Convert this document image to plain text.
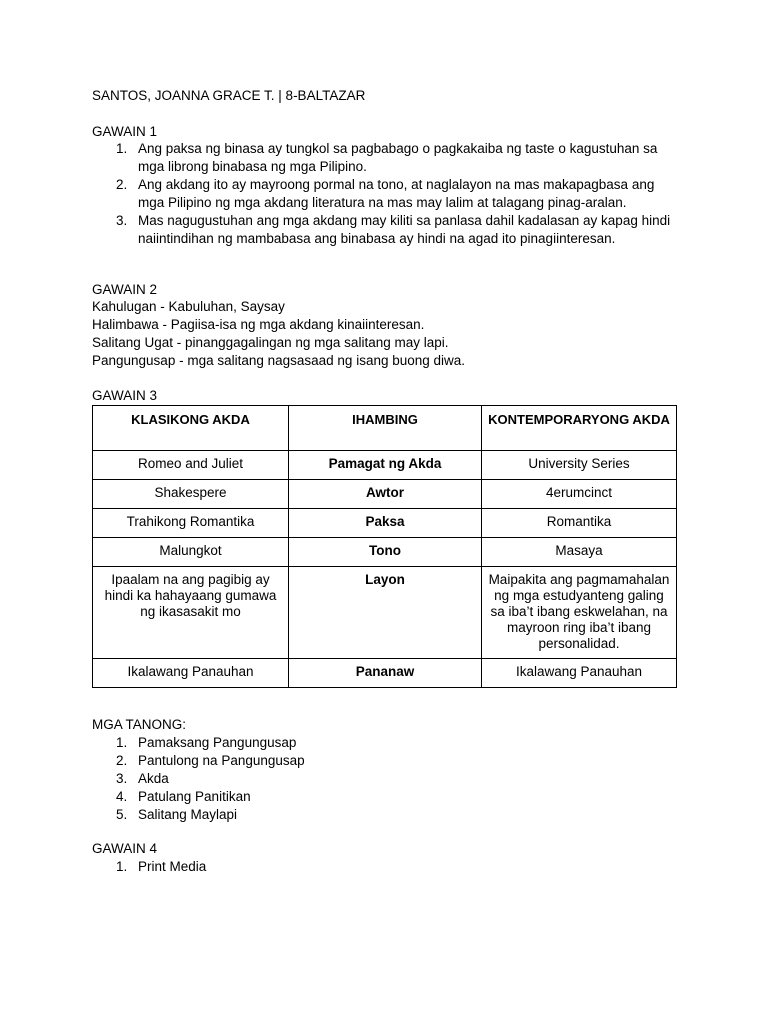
SANTOS, JOANNA GRACE T. | 8-BALTAZAR

GAWAIN 1

1. Ang paksa ng binasa ay tungkol sa pagbabago o pagkakaiba ng taste o kagustuhan sa mga librong binabasa ng mga Pilipino.
2. Ang akdang ito ay mayroong pormal na tono, at naglalayon na mas makapagbasa ang mga Pilipino ng mga akdang literatura na mas may lalim at talagang pinag-aralan.
3. Mas nagugustuhan ang mga akdang may kiliti sa panlasa dahil kadalasan ay kapag hindi naiintindihan ng mambabasa ang binabasa ay hindi na agad ito pinagiinteresan.

GAWAIN 2

Kahulugan - Kabuluhan, Saysay

Halimbawa - Pagiisa-isa ng mga akdang kinaiinteresan.

Salitang Ugat - pinanggagalingan ng mga salitang may lapi.

Pangungusap - mga salitang nagsasaad ng isang buong diwa.

GAWAIN 3

KLASIKONG AKDA	IHAMBING	KONTEMPORARYONG AKDA
Romeo and Juliet	Pamagat ng Akda	University Series
Shakespere	Awtor	4erumcinct
Trahikong Romantika	Paksa	Romantika
Malungkot	Tono	Masaya
Ipaalam na ang pagibig ay hindi ka hahayaang gumawa ng ikasasakit mo	Layon	Maipakita ang pagmamahalan ng mga estudyanteng galing sa iba’t ibang eskwelahan, na mayroon ring iba’t ibang personalidad.
Ikalawang Panauhan	Pananaw	Ikalawang Panauhan

MGA TANONG:

1. Pamaksang Pangungusap
2. Pantulong na Pangungusap
3. Akda
4. Patulang Panitikan
5. Salitang Maylapi

GAWAIN 4

1. Print Media
